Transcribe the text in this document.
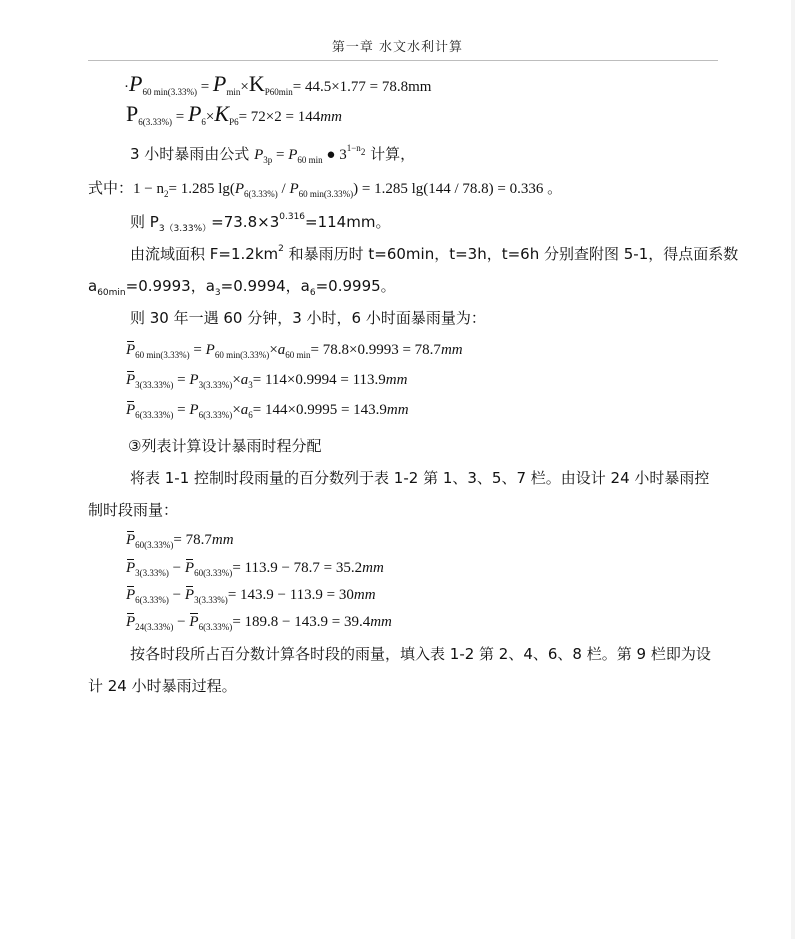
第一章 水文水利计算
$\cdot P_{60 min(3.33\%)} = P_{min}\times K_{P60min}= 44.5\times 1.77 = 78.8mm$
$P_{6(3.33\%)} = P_6\times K_{P6}= 72\times 2 = 144mm$
3 小时暴雨由公式 $P_{3p} = P_{60 min}$ ● $3^{1-n_2}$ 计算，
式中：$1 - n_2= 1.285$ $\lg(P_{6(3.33\%)} / P_{60 min(3.33\%)}) = 1.285$ lg(144 / 78.8) = 0.336 。
则 $P_{3(3.33\%)}=73.8\times 3^{0.316}=114mm$。
由流域面积 $F=1.2km^2$ 和暴雨历时 t=60min，t=3h，t=6h 分别查附图 5-1，得点面系数
$a_{60min}=0.9993$，$a_3=0.9994$，$a_6=0.9995$。
则 30 年一遇 60 分钟，3 小时，6 小时面暴雨量为：
$P_{60 min(3.33\%)} = P_{60 min(3.33\%)}\times a_{60 min}= 78.8\times 0.9993 = 78.7mm$
$P_{3(33.33\%)} = P_{3(3.33\%)}\times a_3= 114\times 0.9994 = 113.9mm$
$P_{6(33.33\%)} = P_{6(3.33\%)}\times a_6= 144\times 0.9995 = 143.9mm$
③列表计算设计暴雨时程分配
将表 1-1 控制时段雨量的百分数列于表 1-2 第 1、3、5、7 栏。由设计 24 小时暴雨控
制时段雨量：
$P_{60(3.33\%)}= 78.7mm$
$P_{3(3.33\%)} - P_{60(3.33\%)}= 113.9 - 78.7 = 35.2mm$
$P_{6(3.33\%)} - P_{3(3.33\%)}= 143.9 - 113.9 = 30mm$
$P_{24(3.33\%)} - P_{6(3.33\%)}= 189.8 - 143.9 = 39.4mm$
按各时段所占百分数计算各时段的雨量，填入表 1-2 第 2、4、6、8 栏。第 9 栏即为设
计 24 小时暴雨过程。
